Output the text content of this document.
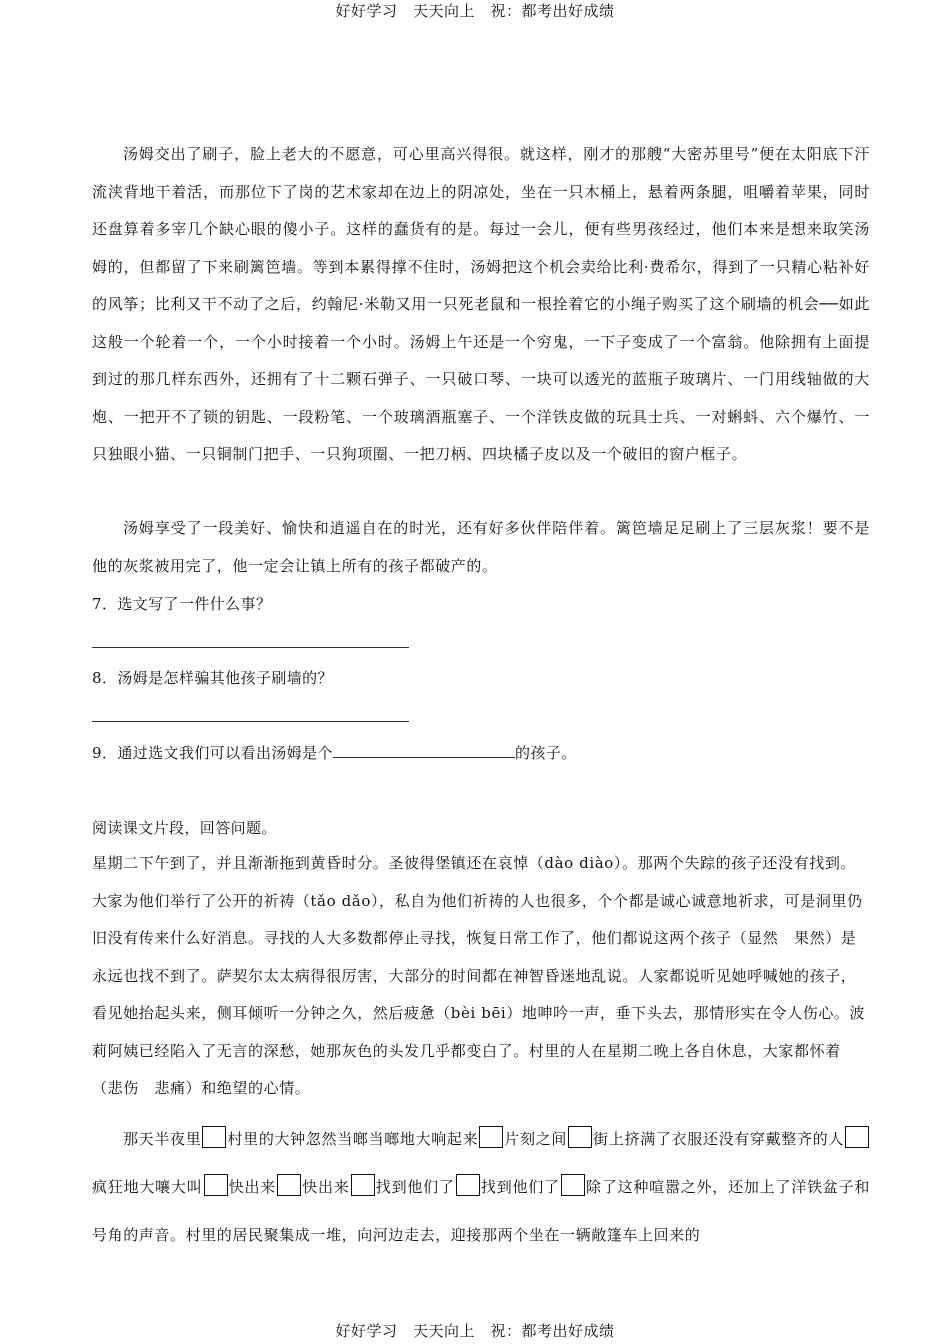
好好学习　天天向上　祝：都考出好成绩
汤姆交出了刷子，脸上老大的不愿意，可心里高兴得很。就这样，刚才的那艘“大密苏里号”便在太阳底下汗流浃背地干着活，而那位下了岗的艺术家却在边上的阴凉处，坐在一只木桶上，悬着两条腿，咀嚼着苹果，同时还盘算着多宰几个缺心眼的傻小子。这样的蠢货有的是。每过一会儿，便有些男孩经过，他们本来是想来取笑汤姆的，但都留了下来刷篱笆墙。等到本累得撑不住时，汤姆把这个机会卖给比利·费希尔，得到了一只精心粘补好的风筝；比利又干不动了之后，约翰尼·米勒又用一只死老鼠和一根拴着它的小绳子购买了这个刷墙的机会──如此这般一个轮着一个，一个小时接着一个小时。汤姆上午还是一个穷鬼，一下子变成了一个富翁。他除拥有上面提到过的那几样东西外，还拥有了十二颗石弹子、一只破口琴、一块可以透光的蓝瓶子玻璃片、一门用线轴做的大炮、一把开不了锁的钥匙、一段粉笔、一个玻璃酒瓶塞子、一个洋铁皮做的玩具士兵、一对蝌蚪、六个爆竹、一只独眼小猫、一只铜制门把手、一只狗项圈、一把刀柄、四块橘子皮以及一个破旧的窗户框子。
汤姆享受了一段美好、愉快和逍遥自在的时光，还有好多伙伴陪伴着。篱笆墙足足刷上了三层灰浆！要不是他的灰浆被用完了，他一定会让镇上所有的孩子都破产的。
7．选文写了一件什么事？
8．汤姆是怎样骗其他孩子刷墙的？
9．通过选文我们可以看出汤姆是个	的孩子。
阅读课文片段，回答问题。
星期二下午到了，并且渐渐拖到黄昏时分。圣彼得堡镇还在哀悼（dào diào）。那两个失踪的孩子还没有找到。大家为他们举行了公开的祈祷（tǎo dǎo），私自为他们祈祷的人也很多，个个都是诚心诚意地祈求，可是洞里仍旧没有传来什么好消息。寻找的人大多数都停止寻找，恢复日常工作了，他们都说这两个孩子（显然　果然）是永远也找不到了。萨契尔太太病得很厉害，大部分的时间都在神智昏迷地乱说。人家都说听见她呼喊她的孩子，看见她抬起头来，侧耳倾听一分钟之久，然后疲惫（bèi bēi）地呻吟一声，垂下头去，那情形实在令人伤心。波莉阿姨已经陷入了无言的深愁，她那灰色的头发几乎都变白了。村里的人在星期二晚上各自休息，大家都怀着（悲伤　悲痛）和绝望的心情。
那天半夜里 村里的大钟忽然当啷当啷地大响起来 片刻之间 街上挤满了衣服还没有穿戴整齐的人疯狂地大嚷大叫 快出来 快出来 找到他们了 找到他们了 除了这种喧嚣之外，还加上了洋铁盆子和号角的声音。村里的居民聚集成一堆，向河边走去，迎接那两个坐在一辆敞篷车上回来的
好好学习　天天向上　祝：都考出好成绩
